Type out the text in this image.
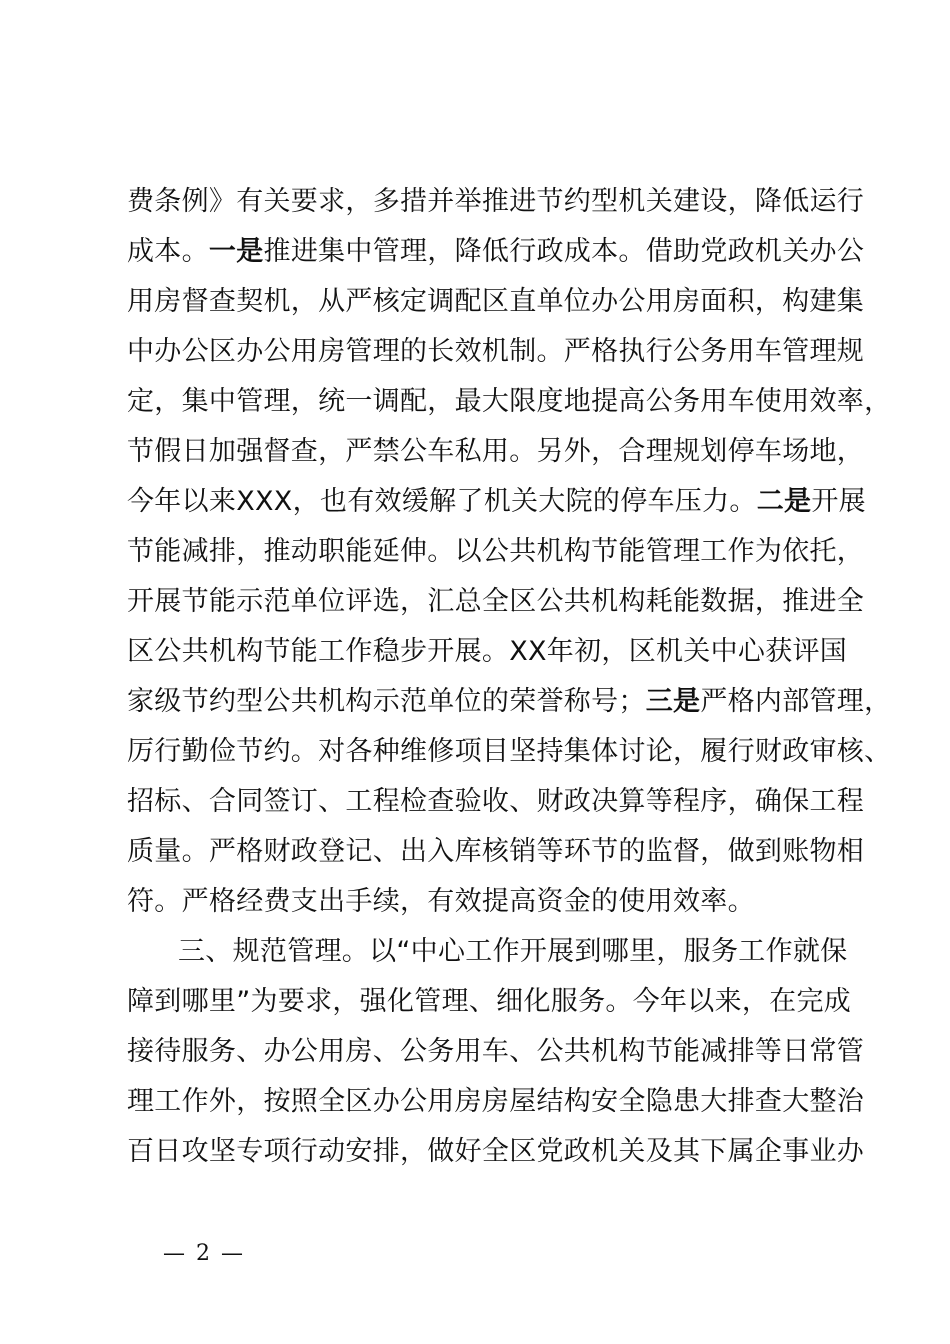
费条例》有关要求，多措并举推进节约型机关建设，降低运行
成本。一是推进集中管理，降低行政成本。借助党政机关办公
用房督查契机，从严核定调配区直单位办公用房面积，构建集
中办公区办公用房管理的长效机制。严格执行公务用车管理规
定，集中管理，统一调配，最大限度地提高公务用车使用效率，
节假日加强督查，严禁公车私用。另外，合理规划停车场地，
今年以来XXX，也有效缓解了机关大院的停车压力。二是开展
节能减排，推动职能延伸。以公共机构节能管理工作为依托，
开展节能示范单位评选，汇总全区公共机构耗能数据，推进全
区公共机构节能工作稳步开展。XX年初，区机关中心获评国
家级节约型公共机构示范单位的荣誉称号；三是严格内部管理，
厉行勤俭节约。对各种维修项目坚持集体讨论，履行财政审核、
招标、合同签订、工程检查验收、财政决算等程序，确保工程
质量。严格财政登记、出入库核销等环节的监督，做到账物相
符。严格经费支出手续，有效提高资金的使用效率。
三、规范管理。以“中心工作开展到哪里，服务工作就保
障到哪里”为要求，强化管理、细化服务。今年以来，在完成
接待服务、办公用房、公务用车、公共机构节能减排等日常管
理工作外，按照全区办公用房房屋结构安全隐患大排查大整治
百日攻坚专项行动安排，做好全区党政机关及其下属企事业办
— 2 —
